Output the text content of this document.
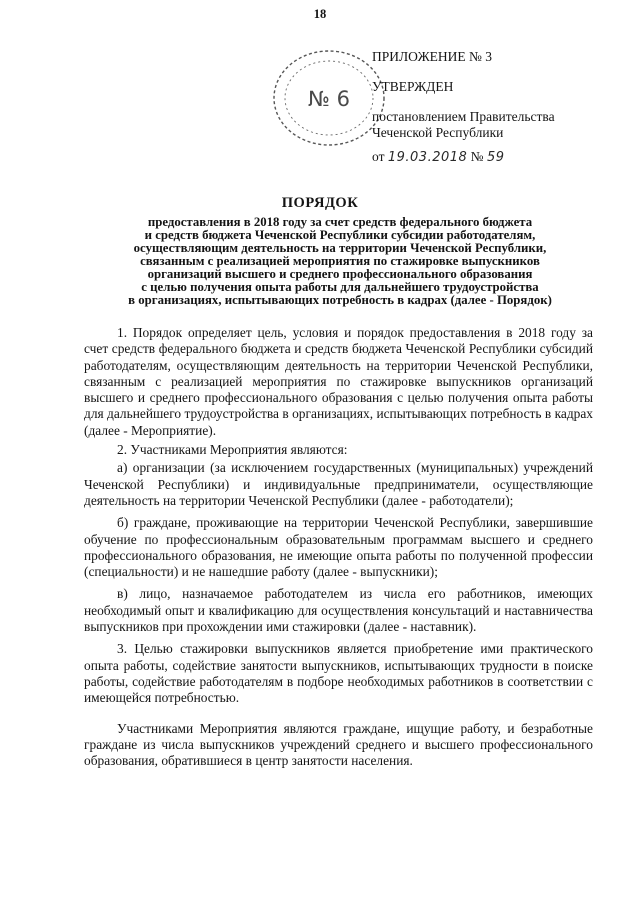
18
№ 6
ПРИЛОЖЕНИЕ № 3
УТВЕРЖДЕН
постановлением Правительства
Чеченской Республики
от 19.03.2018 № 59
ПОРЯДОК
предоставления в 2018 году за счет средств федерального бюджета
и средств бюджета Чеченской Республики субсидии работодателям,
осуществляющим деятельность на территории Чеченской Республики,
связанным с реализацией мероприятия по стажировке выпускников
организаций высшего и среднего профессионального образования
с целью получения опыта работы для дальнейшего трудоустройства
в организациях, испытывающих потребность в кадрах (далее - Порядок)

1. Порядок определяет цель, условия и порядок предоставления в 2018 году за счет средств федерального бюджета и средств бюджета Чеченской Республики субсидий работодателям, осуществляющим деятельность на территории Чеченской Республики, связанным с реализацией мероприятия по стажировке выпускников организаций высшего и среднего профессионального образования с целью получения опыта работы для дальнейшего трудоустройства в организациях, испытывающих потребность в кадрах (далее - Мероприятие).

2. Участниками Мероприятия являются:

а) организации (за исключением государственных (муниципальных) учреждений Чеченской Республики) и индивидуальные предприниматели, осуществляющие деятельность на территории Чеченской Республики (далее - работодатели);

б) граждане, проживающие на территории Чеченской Республики, завершившие обучение по профессиональным образовательным программам высшего и среднего профессионального образования, не имеющие опыта работы по полученной профессии (специальности) и не нашедшие работу (далее - выпускники);

в) лицо, назначаемое работодателем из числа его работников, имеющих необходимый опыт и квалификацию для осуществления консультаций и наставничества выпускников при прохождении ими стажировки (далее - наставник).

3. Целью стажировки выпускников является приобретение ими практического опыта работы, содействие занятости выпускников, испытывающих трудности в поиске работы, содействие работодателям в подборе необходимых работников в соответствии с имеющейся потребностью.

Участниками Мероприятия являются граждане, ищущие работу, и безработные граждане из числа выпускников учреждений среднего и высшего профессионального образования, обратившиеся в центр занятости населения.
